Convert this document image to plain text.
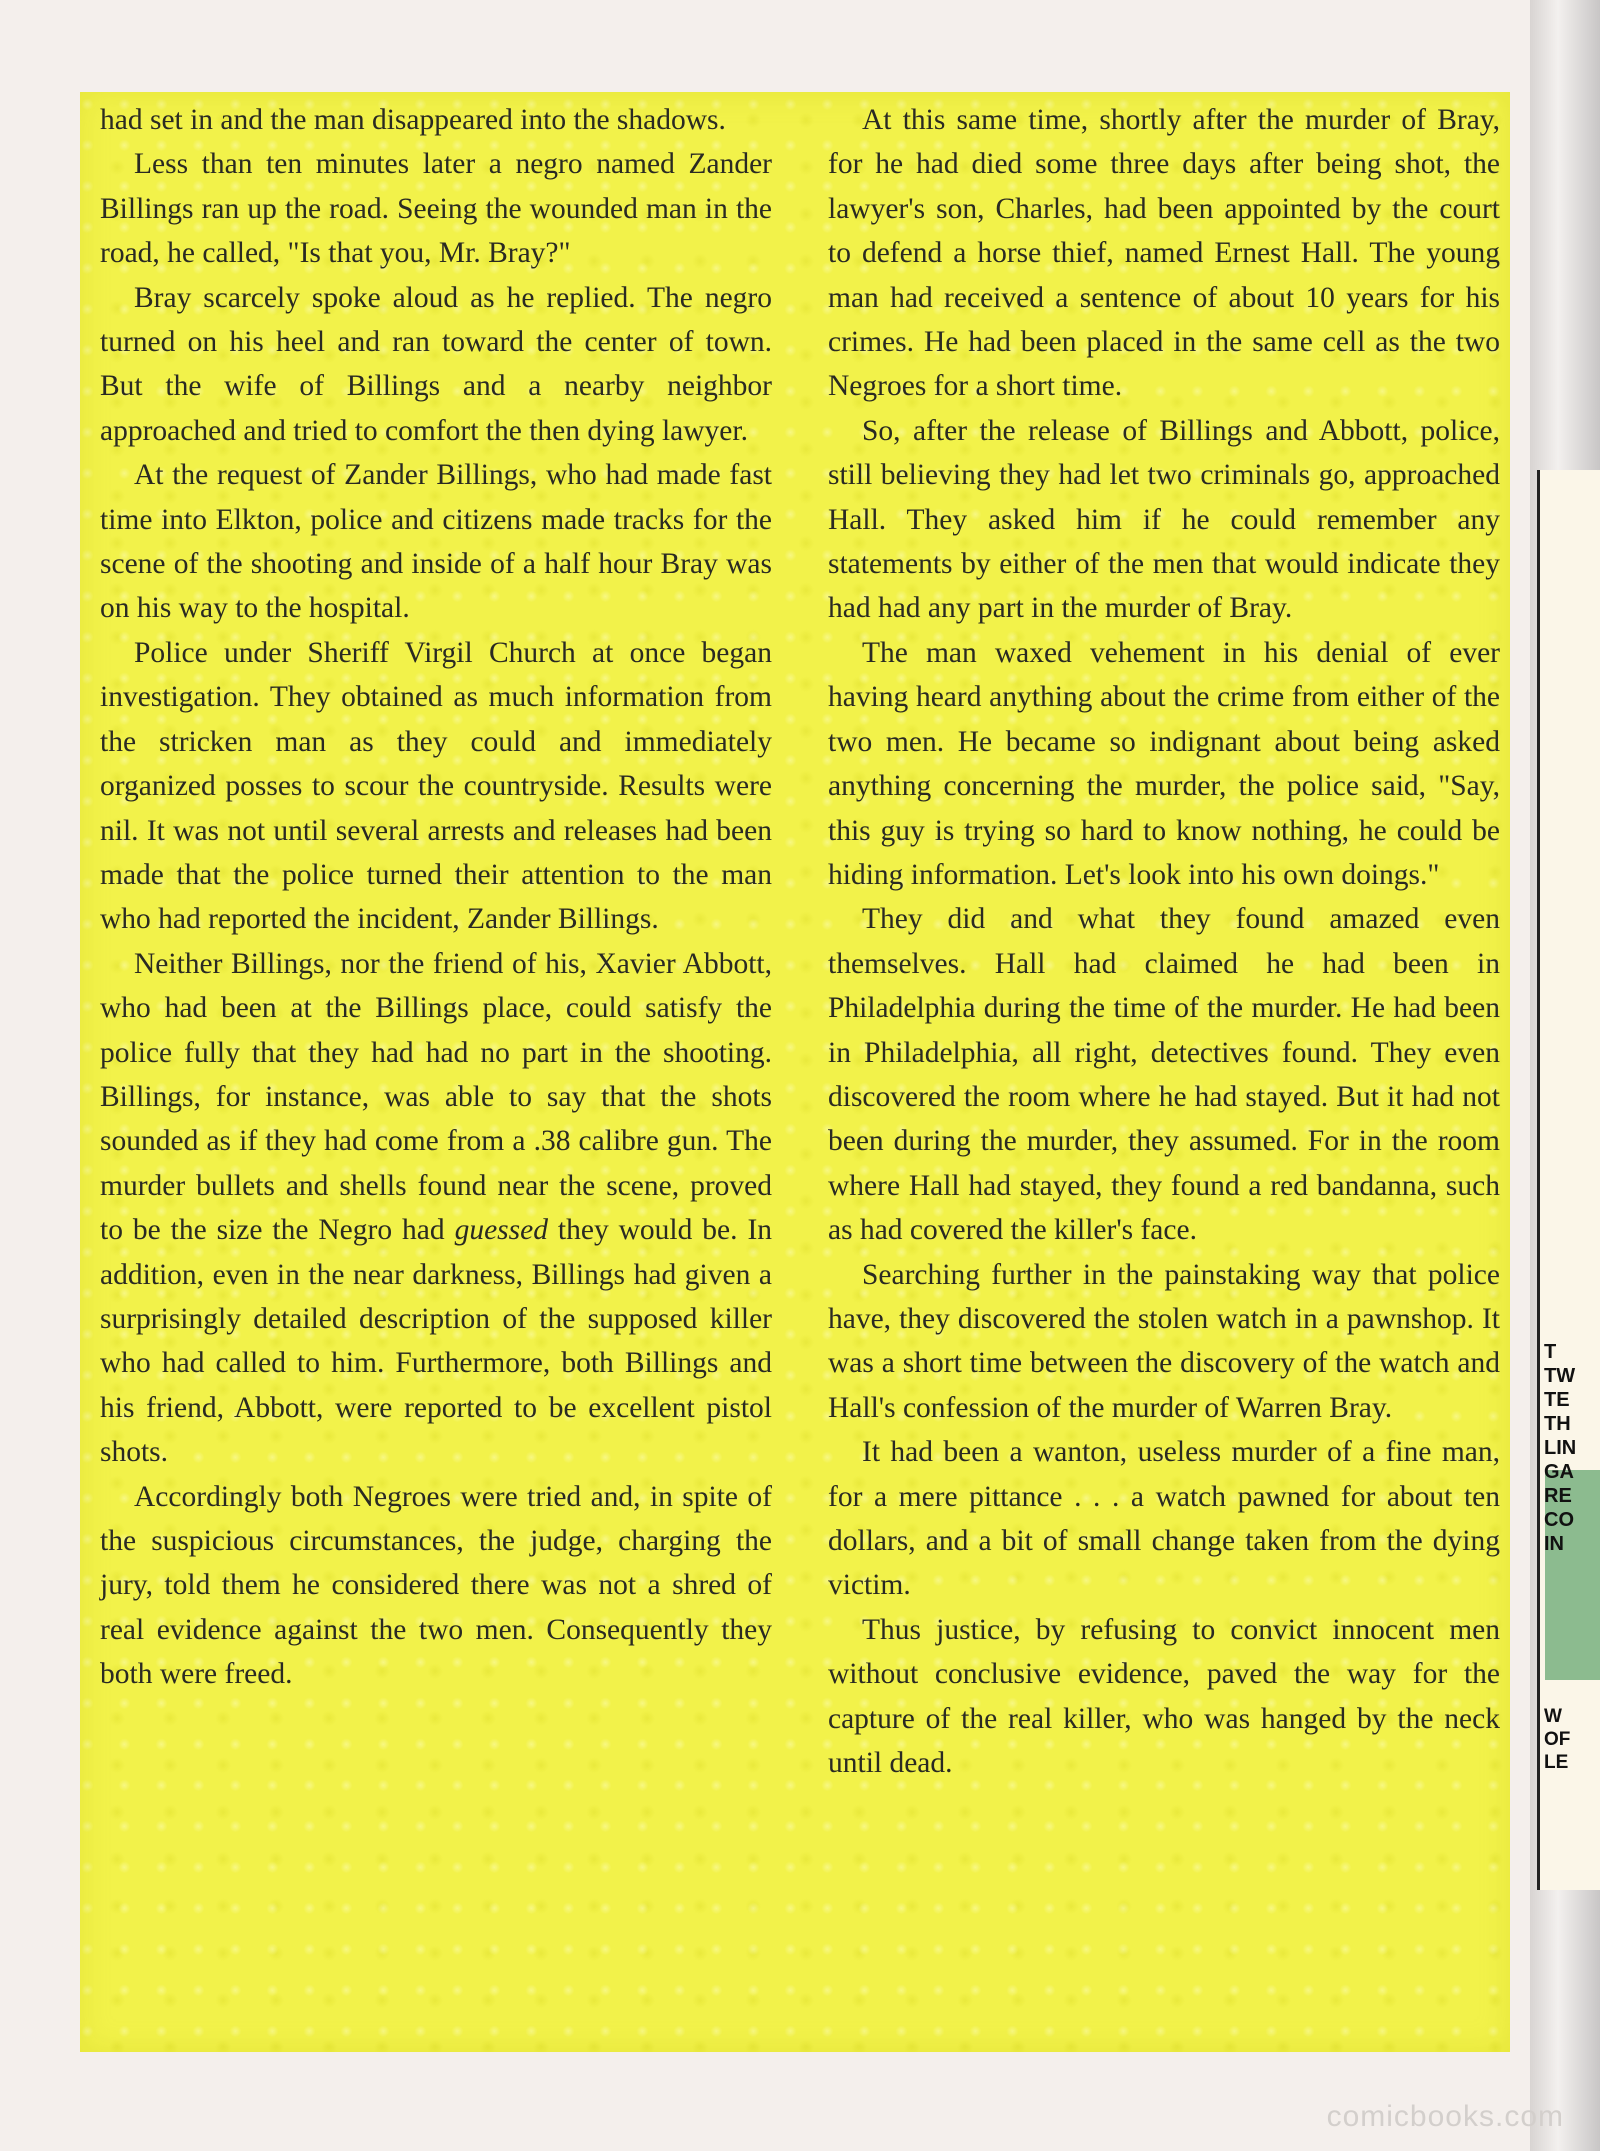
T
TW
TE
TH
LIN
GA
RE
CO
IN
W
OF
LE

had set in and the man disappeared into the shadows.

Less than ten minutes later a negro named Zander Billings ran up the road. Seeing the wounded man in the road, he called, "Is that you, Mr. Bray?"

Bray scarcely spoke aloud as he replied. The negro turned on his heel and ran toward the center of town. But the wife of Billings and a nearby neighbor approached and tried to comfort the then dying lawyer.

At the request of Zander Billings, who had made fast time into Elkton, police and citizens made tracks for the scene of the shooting and inside of a half hour Bray was on his way to the hospital.

Police under Sheriff Virgil Church at once began investigation. They obtained as much information from the stricken man as they could and immediately organized posses to scour the countryside. Results were nil. It was not until several arrests and releases had been made that the police turned their attention to the man who had reported the incident, Zander Billings.

Neither Billings, nor the friend of his, Xavier Abbott, who had been at the Billings place, could satisfy the police fully that they had had no part in the shooting. Billings, for instance, was able to say that the shots sounded as if they had come from a .38 calibre gun. The murder bullets and shells found near the scene, proved to be the size the Negro had guessed they would be. In addition, even in the near darkness, Billings had given a surprisingly detailed description of the supposed killer who had called to him. Furthermore, both Billings and his friend, Abbott, were reported to be excellent pistol shots.

Accordingly both Negroes were tried and, in spite of the suspicious circumstances, the judge, charging the jury, told them he considered there was not a shred of real evidence against the two men. Consequently they both were freed.

At this same time, shortly after the murder of Bray, for he had died some three days after being shot, the lawyer's son, Charles, had been appointed by the court to defend a horse thief, named Ernest Hall. The young man had received a sentence of about 10 years for his crimes. He had been placed in the same cell as the two Negroes for a short time.

So, after the release of Billings and Abbott, police, still believing they had let two criminals go, approached Hall. They asked him if he could remember any statements by either of the men that would indicate they had had any part in the murder of Bray.

The man waxed vehement in his denial of ever having heard anything about the crime from either of the two men. He became so indignant about being asked anything concerning the murder, the police said, "Say, this guy is trying so hard to know nothing, he could be hiding information. Let's look into his own doings."

They did and what they found amazed even themselves. Hall had claimed he had been in Philadelphia during the time of the murder. He had been in Philadelphia, all right, detectives found. They even discovered the room where he had stayed. But it had not been during the murder, they assumed. For in the room where Hall had stayed, they found a red bandanna, such as had covered the killer's face.

Searching further in the painstaking way that police have, they discovered the stolen watch in a pawnshop. It was a short time between the discovery of the watch and Hall's confession of the murder of Warren Bray.

It had been a wanton, useless murder of a fine man, for a mere pittance . . . a watch pawned for about ten dollars, and a bit of small change taken from the dying victim.

Thus justice, by refusing to convict innocent men without conclusive evidence, paved the way for the capture of the real killer, who was hanged by the neck until dead.

comicbooks.com
